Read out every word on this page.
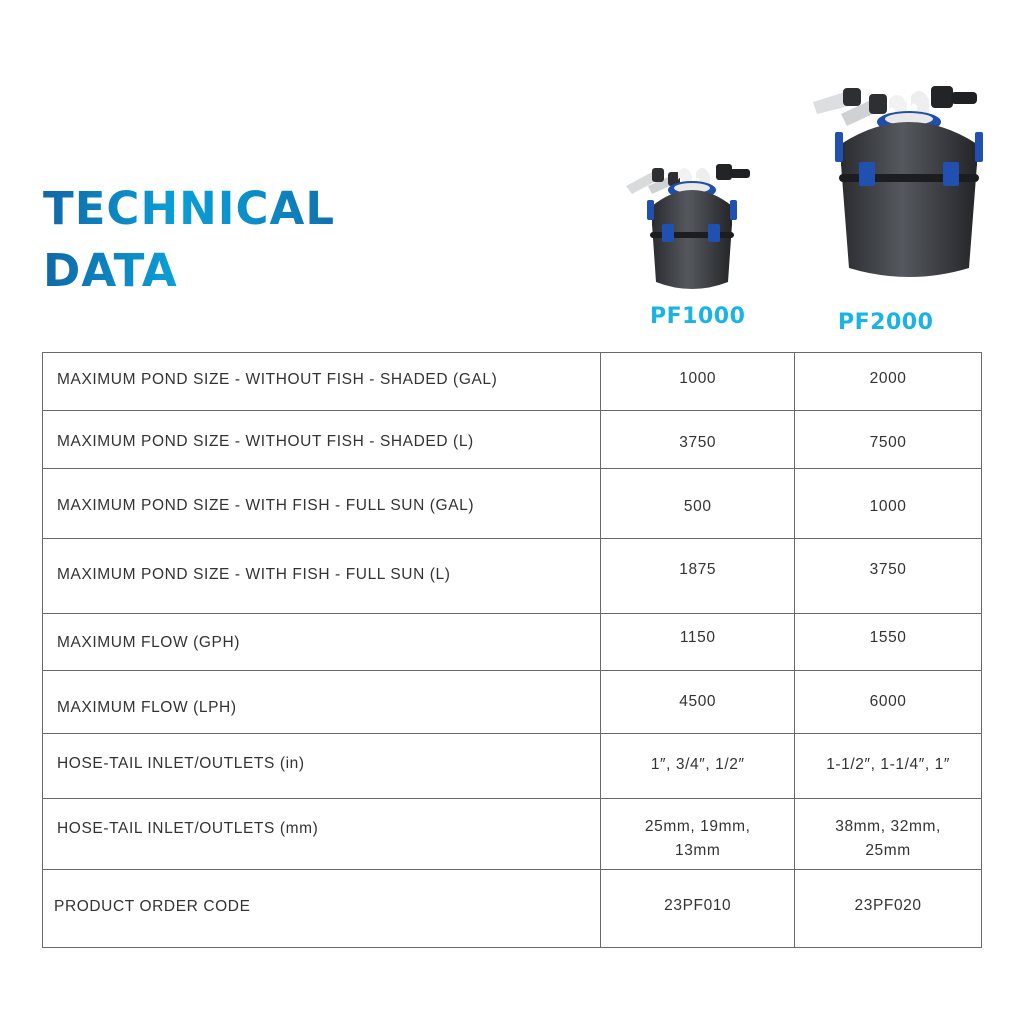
TECHNICAL
DATA
PF1000	PF2000
MAXIMUM POND SIZE - WITHOUT FISH - SHADED (GAL)	1000	2000
MAXIMUM POND SIZE - WITHOUT FISH - SHADED (L)	3750	7500
MAXIMUM POND SIZE - WITH FISH - FULL SUN (GAL)	500	1000
MAXIMUM POND SIZE - WITH FISH - FULL SUN (L)	1875	3750
MAXIMUM FLOW (GPH)	1150	1550
MAXIMUM FLOW (LPH)	4500	6000
HOSE-TAIL INLET/OUTLETS (in)	1″, 3/4″, 1/2″	1-1/2″, 1-1/4″, 1″
HOSE-TAIL INLET/OUTLETS (mm)	25mm, 19mm, 13mm	38mm, 32mm, 25mm
PRODUCT ORDER CODE	23PF010	23PF020
